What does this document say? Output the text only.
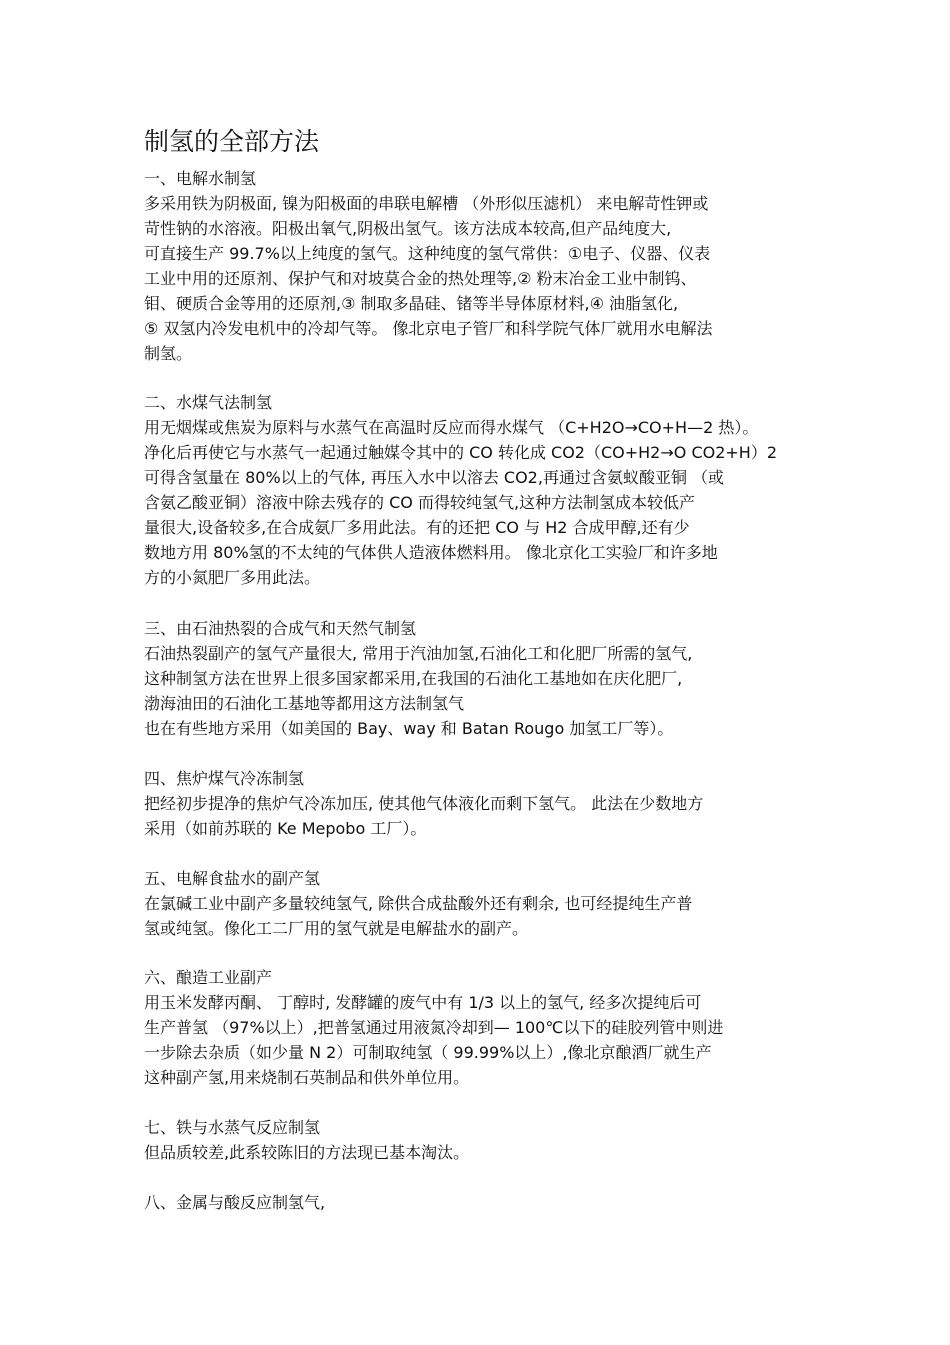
制氢的全部方法
一、电解水制氢
多采用铁为阴极面, 镍为阳极面的串联电解槽 （外形似压滤机） 来电解苛性钾或
苛性钠的水溶液。阳极出氧气,阴极出氢气。该方法成本较高,但产品纯度大,
可直接生产 99.7%以上纯度的氢气。这种纯度的氢气常供：①电子、仪器、仪表
工业中用的还原剂、保护气和对坡莫合金的热处理等,② 粉末冶金工业中制钨、
钼、硬质合金等用的还原剂,③ 制取多晶硅、锗等半导体原材料,④ 油脂氢化,
⑤ 双氢内冷发电机中的冷却气等。 像北京电子管厂和科学院气体厂就用水电解法
制氢。
二、水煤气法制氢
用无烟煤或焦炭为原料与水蒸气在高温时反应而得水煤气 （C+H2O→CO+H—2 热）。
净化后再使它与水蒸气一起通过触媒令其中的 CO 转化成 CO2（CO+H2→O CO2+H）2
可得含氢量在 80%以上的气体, 再压入水中以溶去 CO2,再通过含氨蚁酸亚铜 （或
含氨乙酸亚铜）溶液中除去残存的 CO 而得较纯氢气,这种方法制氢成本较低产
量很大,设备较多,在合成氨厂多用此法。有的还把 CO 与 H2 合成甲醇,还有少
数地方用 80%氢的不太纯的气体供人造液体燃料用。 像北京化工实验厂和许多地
方的小氮肥厂多用此法。
三、由石油热裂的合成气和天然气制氢
石油热裂副产的氢气产量很大, 常用于汽油加氢,石油化工和化肥厂所需的氢气,
这种制氢方法在世界上很多国家都采用,在我国的石油化工基地如在庆化肥厂,
渤海油田的石油化工基地等都用这方法制氢气
也在有些地方采用（如美国的 Bay、way 和 Batan Rougo 加氢工厂等）。
四、焦炉煤气冷冻制氢
把经初步提净的焦炉气冷冻加压, 使其他气体液化而剩下氢气。 此法在少数地方
采用（如前苏联的 Ke Mepobo 工厂）。
五、电解食盐水的副产氢
在氯碱工业中副产多量较纯氢气, 除供合成盐酸外还有剩余, 也可经提纯生产普
氢或纯氢。像化工二厂用的氢气就是电解盐水的副产。
六、酿造工业副产
用玉米发酵丙酮、 丁醇时, 发酵罐的废气中有 1/3 以上的氢气, 经多次提纯后可
生产普氢 （97%以上）,把普氢通过用液氮冷却到— 100℃以下的硅胶列管中则进
一步除去杂质（如少量 N 2）可制取纯氢（ 99.99%以上）,像北京酿酒厂就生产
这种副产氢,用来烧制石英制品和供外单位用。
七、铁与水蒸气反应制氢
但品质较差,此系较陈旧的方法现已基本淘汰。
八、金属与酸反应制氢气,
